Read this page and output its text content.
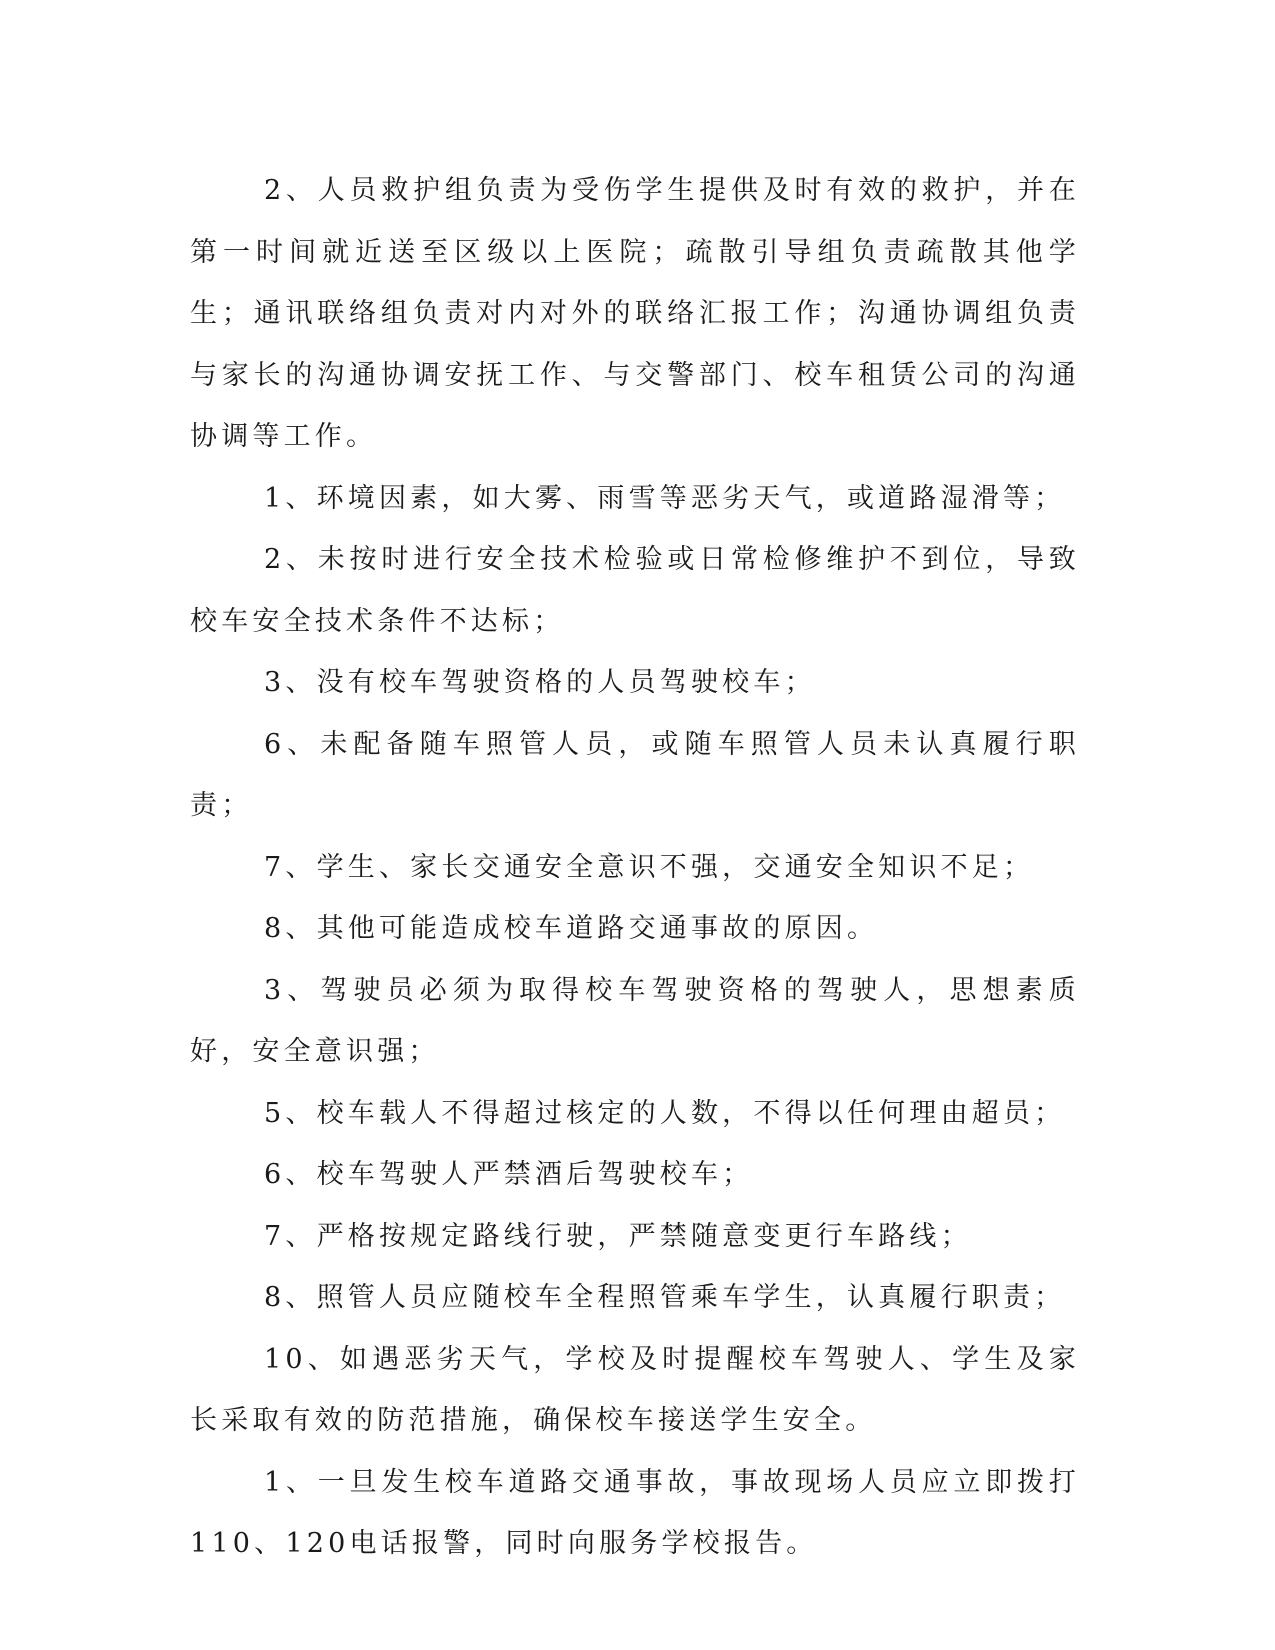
2、人员救护组负责为受伤学生提供及时有效的救护，并在第一时间就近送至区级以上医院；疏散引导组负责疏散其他学生；通讯联络组负责对内对外的联络汇报工作；沟通协调组负责与家长的沟通协调安抚工作、与交警部门、校车租赁公司的沟通协调等工作。

1、环境因素，如大雾、雨雪等恶劣天气，或道路湿滑等；

2、未按时进行安全技术检验或日常检修维护不到位，导致校车安全技术条件不达标；

3、没有校车驾驶资格的人员驾驶校车；

6、未配备随车照管人员，或随车照管人员未认真履行职责；

7、学生、家长交通安全意识不强，交通安全知识不足；

8、其他可能造成校车道路交通事故的原因。

3、驾驶员必须为取得校车驾驶资格的驾驶人，思想素质好，安全意识强；

5、校车载人不得超过核定的人数，不得以任何理由超员；

6、校车驾驶人严禁酒后驾驶校车；

7、严格按规定路线行驶，严禁随意变更行车路线；

8、照管人员应随校车全程照管乘车学生，认真履行职责；

10、如遇恶劣天气，学校及时提醒校车驾驶人、学生及家长采取有效的防范措施，确保校车接送学生安全。

1、一旦发生校车道路交通事故，事故现场人员应立即拨打110、120电话报警，同时向服务学校报告。
